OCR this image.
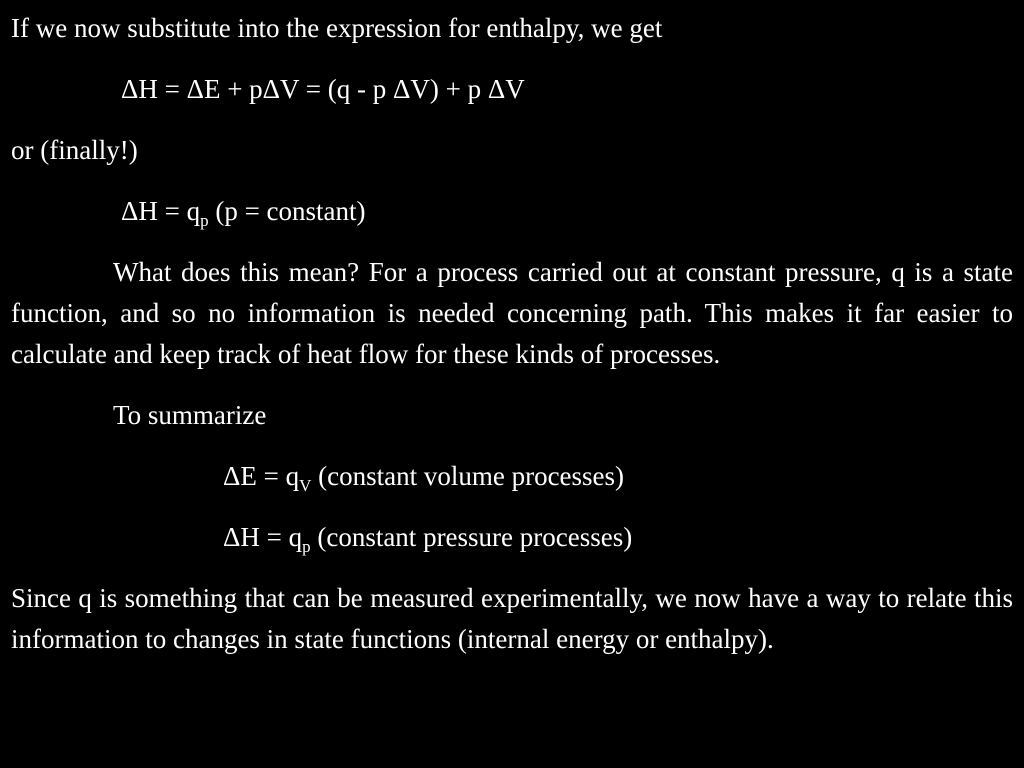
If we now substitute into the expression for enthalpy, we get

ΔH = ΔE + pΔV = (q - p ΔV) + p ΔV

or (finally!)

$\Delta H = q_p$ (p = constant)

What does this mean? For a process carried out at constant pressure, q is a state function, and so no information is needed concerning path. This makes it far easier to calculate and keep track of heat flow for these kinds of processes.

To summarize

$\Delta E = q_V$ (constant volume processes)

$\Delta H = q_p$ (constant pressure processes)

Since q is something that can be measured experimentally, we now have a way to relate this information to changes in state functions (internal energy or enthalpy).
